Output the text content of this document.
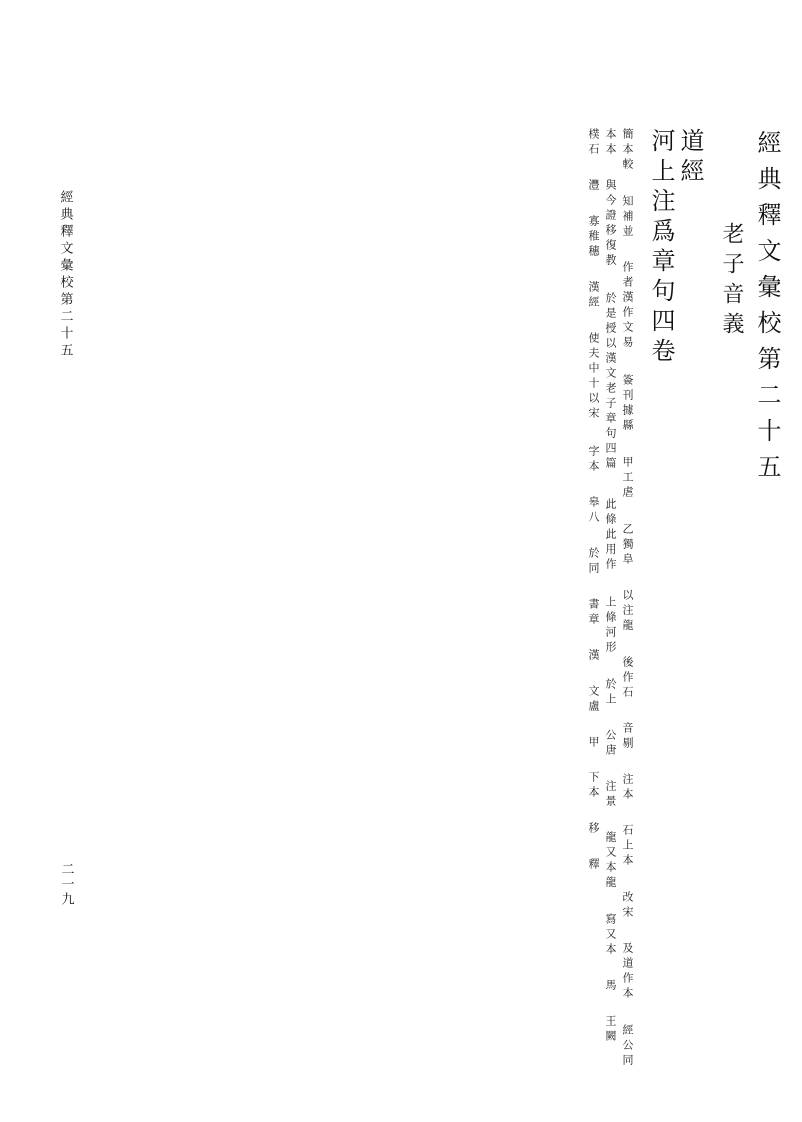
經典釋文彙校第二十五
老子音義
道經
河上注爲章句四卷
經典釋文彙校第二十五
二一九
簡本較
知補並
作者漢作文易
簽刊據縣
甲工虐
乙獨阜
以注龍
後作石
音剔
注本
石上本
改宋
及道作本
經公同
本本
與今證移復教
於是授以漢文老子章句四篇
此條此用作
上條河形
於上
公唐
注景
龍又本龍
寫又本
馬
王闕
樸石
灃
寡稚穗
漢經
使夫中十以宋
字本
皋八
於同
書章
漢
文盧
甲
下本
移
釋
